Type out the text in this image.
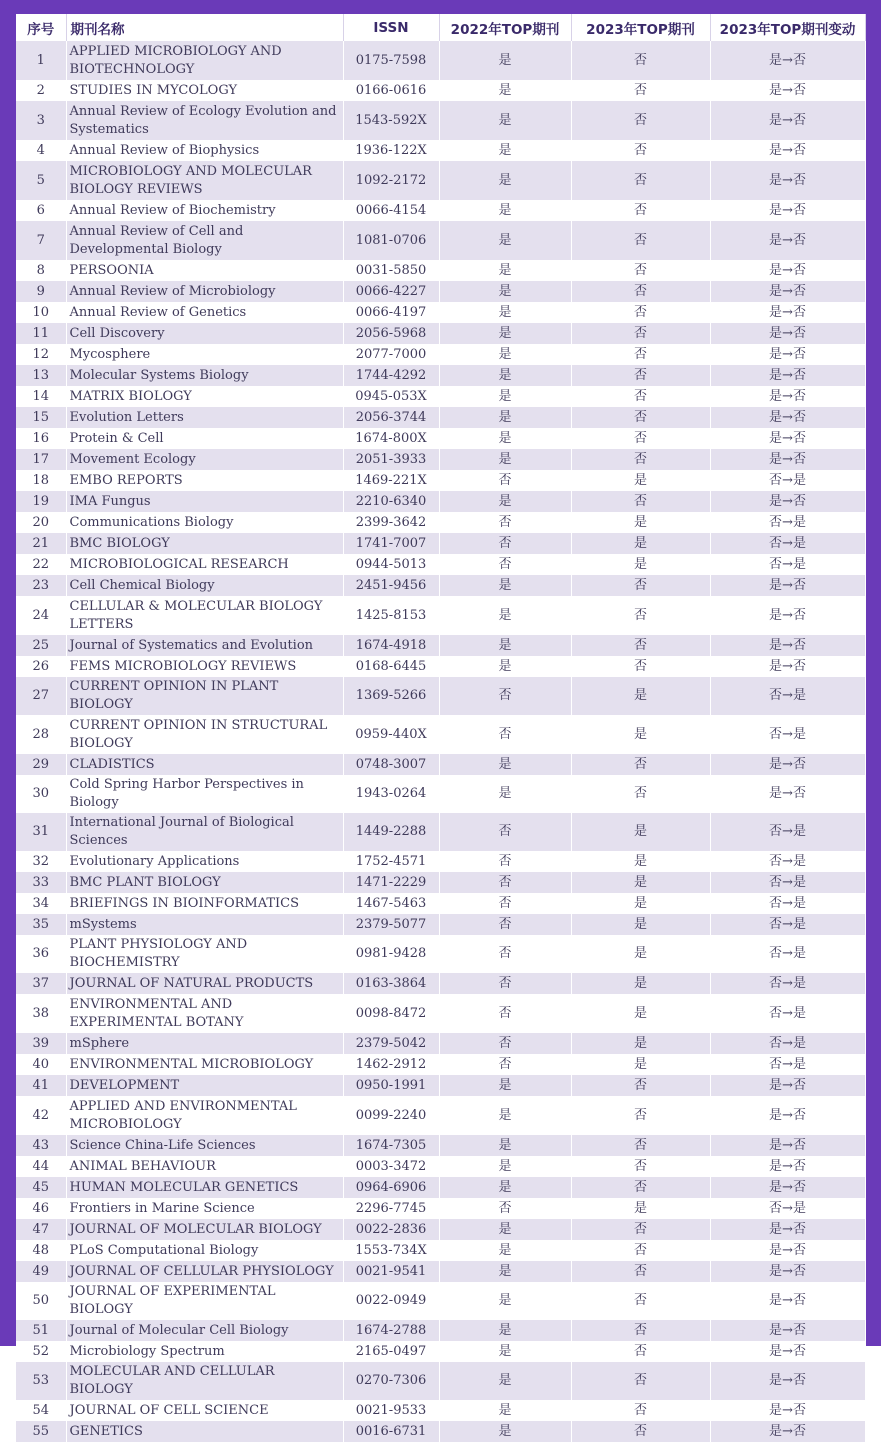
序号	期刊名称	ISSN	2022年TOP期刊	2023年TOP期刊	2023年TOP期刊变动
1	APPLIED MICROBIOLOGY AND BIOTECHNOLOGY	0175-7598	是	否	是→否
2	STUDIES IN MYCOLOGY	0166-0616	是	否	是→否
3	Annual Review of Ecology Evolution and Systematics	1543-592X	是	否	是→否
4	Annual Review of Biophysics	1936-122X	是	否	是→否
5	MICROBIOLOGY AND MOLECULAR BIOLOGY REVIEWS	1092-2172	是	否	是→否
6	Annual Review of Biochemistry	0066-4154	是	否	是→否
7	Annual Review of Cell and Developmental Biology	1081-0706	是	否	是→否
8	PERSOONIA	0031-5850	是	否	是→否
9	Annual Review of Microbiology	0066-4227	是	否	是→否
10	Annual Review of Genetics	0066-4197	是	否	是→否
11	Cell Discovery	2056-5968	是	否	是→否
12	Mycosphere	2077-7000	是	否	是→否
13	Molecular Systems Biology	1744-4292	是	否	是→否
14	MATRIX BIOLOGY	0945-053X	是	否	是→否
15	Evolution Letters	2056-3744	是	否	是→否
16	Protein & Cell	1674-800X	是	否	是→否
17	Movement Ecology	2051-3933	是	否	是→否
18	EMBO REPORTS	1469-221X	否	是	否→是
19	IMA Fungus	2210-6340	是	否	是→否
20	Communications Biology	2399-3642	否	是	否→是
21	BMC BIOLOGY	1741-7007	否	是	否→是
22	MICROBIOLOGICAL RESEARCH	0944-5013	否	是	否→是
23	Cell Chemical Biology	2451-9456	是	否	是→否
24	CELLULAR & MOLECULAR BIOLOGY LETTERS	1425-8153	是	否	是→否
25	Journal of Systematics and Evolution	1674-4918	是	否	是→否
26	FEMS MICROBIOLOGY REVIEWS	0168-6445	是	否	是→否
27	CURRENT OPINION IN PLANT BIOLOGY	1369-5266	否	是	否→是
28	CURRENT OPINION IN STRUCTURAL BIOLOGY	0959-440X	否	是	否→是
29	CLADISTICS	0748-3007	是	否	是→否
30	Cold Spring Harbor Perspectives in Biology	1943-0264	是	否	是→否
31	International Journal of Biological Sciences	1449-2288	否	是	否→是
32	Evolutionary Applications	1752-4571	否	是	否→是
33	BMC PLANT BIOLOGY	1471-2229	否	是	否→是
34	BRIEFINGS IN BIOINFORMATICS	1467-5463	否	是	否→是
35	mSystems	2379-5077	否	是	否→是
36	PLANT PHYSIOLOGY AND BIOCHEMISTRY	0981-9428	否	是	否→是
37	JOURNAL OF NATURAL PRODUCTS	0163-3864	否	是	否→是
38	ENVIRONMENTAL AND EXPERIMENTAL BOTANY	0098-8472	否	是	否→是
39	mSphere	2379-5042	否	是	否→是
40	ENVIRONMENTAL MICROBIOLOGY	1462-2912	否	是	否→是
41	DEVELOPMENT	0950-1991	是	否	是→否
42	APPLIED AND ENVIRONMENTAL MICROBIOLOGY	0099-2240	是	否	是→否
43	Science China-Life Sciences	1674-7305	是	否	是→否
44	ANIMAL BEHAVIOUR	0003-3472	是	否	是→否
45	HUMAN MOLECULAR GENETICS	0964-6906	是	否	是→否
46	Frontiers in Marine Science	2296-7745	否	是	否→是
47	JOURNAL OF MOLECULAR BIOLOGY	0022-2836	是	否	是→否
48	PLoS Computational Biology	1553-734X	是	否	是→否
49	JOURNAL OF CELLULAR PHYSIOLOGY	0021-9541	是	否	是→否
50	JOURNAL OF EXPERIMENTAL BIOLOGY	0022-0949	是	否	是→否
51	Journal of Molecular Cell Biology	1674-2788	是	否	是→否
52	Microbiology Spectrum	2165-0497	是	否	是→否
53	MOLECULAR AND CELLULAR BIOLOGY	0270-7306	是	否	是→否
54	JOURNAL OF CELL SCIENCE	0021-9533	是	否	是→否
55	GENETICS	0016-6731	是	否	是→否
